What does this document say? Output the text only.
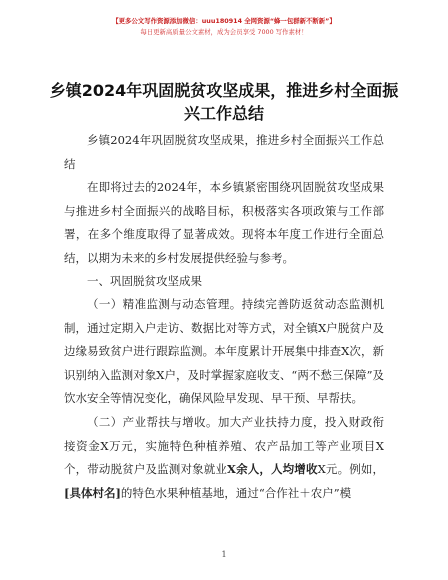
【更多公文写作资源添加微信：uuu180914 全网资源“蜂一包群新不断新”】
每日更新高质量公文素材，成为会员享受 7000 写作素材！
乡镇2024年巩固脱贫攻坚成果，推进乡村全面振兴工作总结

乡镇2024年巩固脱贫攻坚成果，推进乡村全面振兴工作总结

在即将过去的2024年，本乡镇紧密围绕巩固脱贫攻坚成果与推进乡村全面振兴的战略目标，积极落实各项政策与工作部署，在多个维度取得了显著成效。现将本年度工作进行全面总结，以期为未来的乡村发展提供经验与参考。

一、巩固脱贫攻坚成果

（一）精准监测与动态管理。持续完善防返贫动态监测机制，通过定期入户走访、数据比对等方式，对全镇X户脱贫户及边缘易致贫户进行跟踪监测。本年度累计开展集中排查X次，新识别纳入监测对象X户，及时掌握家庭收支、“两不愁三保障”及饮水安全等情况变化，确保风险早发现、早干预、早帮扶。

（二）产业帮扶与增收。加大产业扶持力度，投入财政衔接资金X万元，实施特色种植养殖、农产品加工等产业项目X个，带动脱贫户及监测对象就业X余人，人均增收X元。例如，[具体村名]的特色水果种植基地，通过“合作社＋农户”模

1
